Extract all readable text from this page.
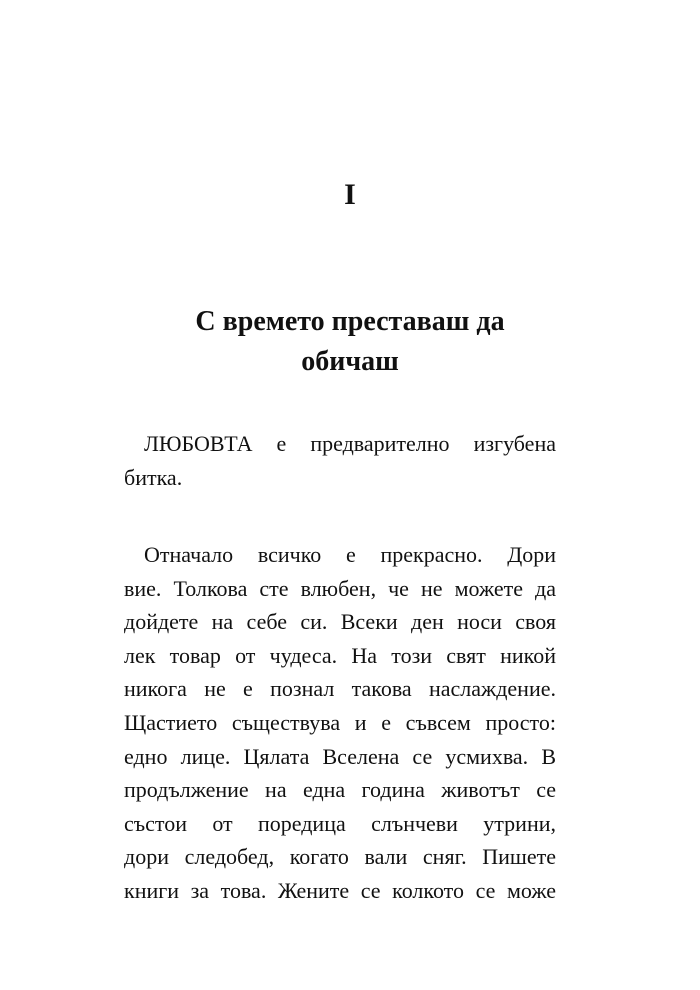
I
С времето преставаш да
обичаш
ЛЮБОВТА е предварително изгубена
битка.
Отначало всичко е прекрасно. Дори
вие. Толкова сте влюбен, че не можете да
дойдете на себе си. Всеки ден носи своя
лек товар от чудеса. На този свят никой
никога не е познал такова наслаждение.
Щастието съществува и е съвсем просто:
едно лице. Цялата Вселена се усмихва. В
продължение на една година животът се
състои от поредица слънчеви утрини,
дори следобед, когато вали сняг. Пишете
книги за това. Жените се колкото се може
